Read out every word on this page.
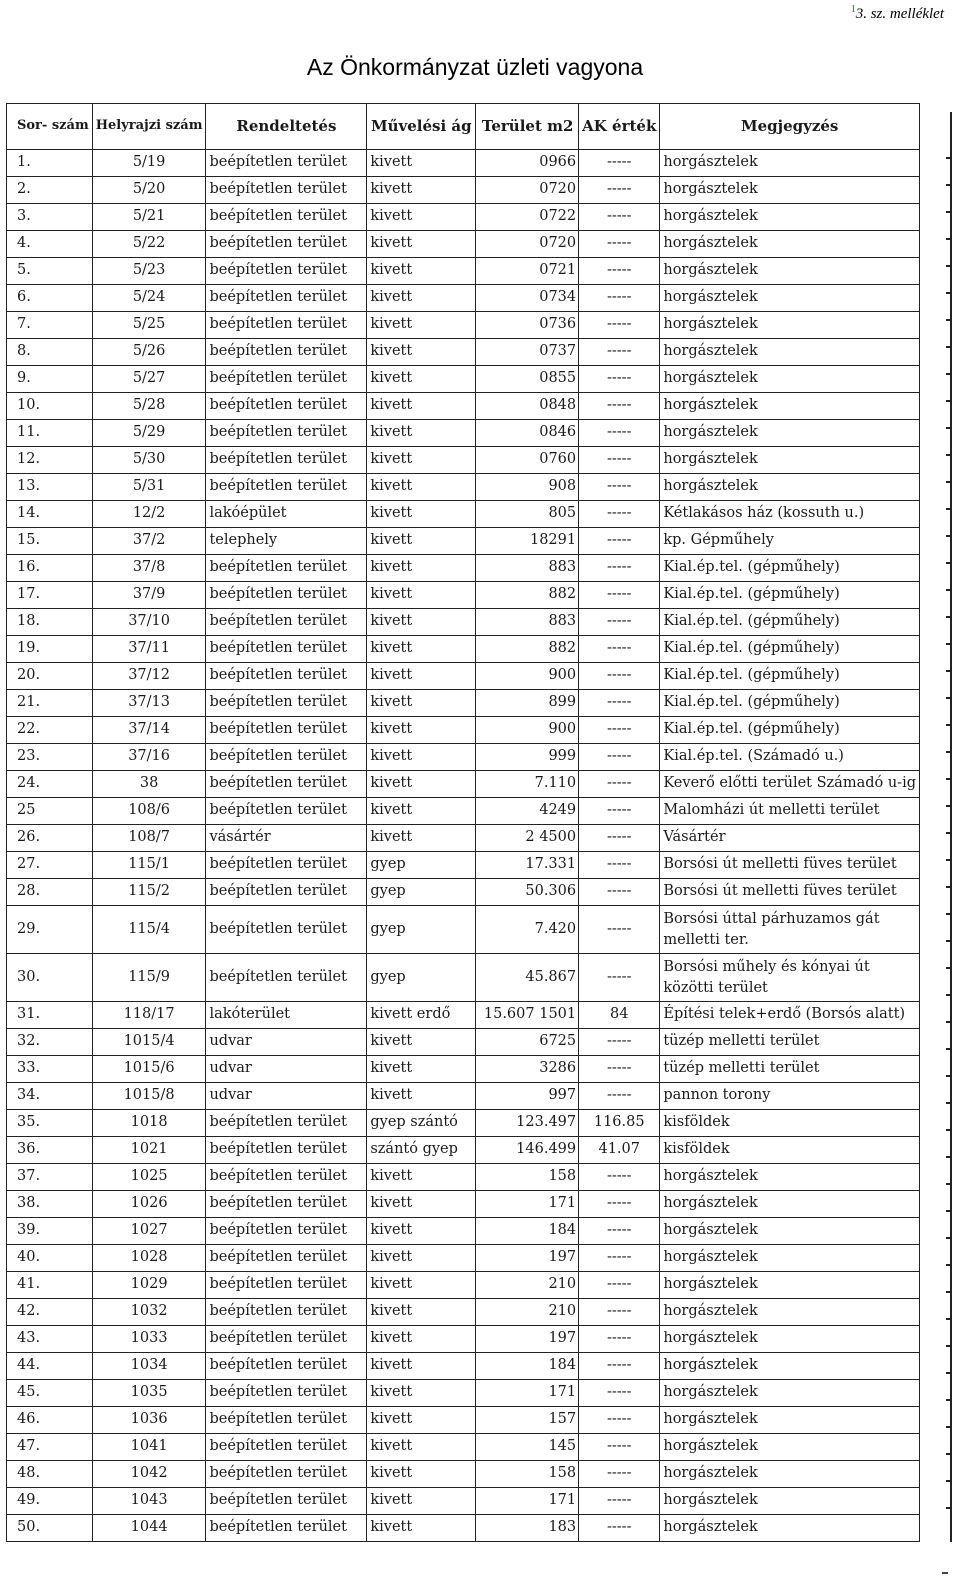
$^1$3. sz. melléklet
Az Önkormányzat üzleti vagyona
Sor- szám	Helyrajzi szám	Rendeltetés	Művelési ág	Terület m2	AK érték	Megjegyzés
1.	5/19	beépítetlen terület	kivett	0966	-----	horgásztelek
2.	5/20	beépítetlen terület	kivett	0720	-----	horgásztelek
3.	5/21	beépítetlen terület	kivett	0722	-----	horgásztelek
4.	5/22	beépítetlen terület	kivett	0720	-----	horgásztelek
5.	5/23	beépítetlen terület	kivett	0721	-----	horgásztelek
6.	5/24	beépítetlen terület	kivett	0734	-----	horgásztelek
7.	5/25	beépítetlen terület	kivett	0736	-----	horgásztelek
8.	5/26	beépítetlen terület	kivett	0737	-----	horgásztelek
9.	5/27	beépítetlen terület	kivett	0855	-----	horgásztelek
10.	5/28	beépítetlen terület	kivett	0848	-----	horgásztelek
11.	5/29	beépítetlen terület	kivett	0846	-----	horgásztelek
12.	5/30	beépítetlen terület	kivett	0760	-----	horgásztelek
13.	5/31	beépítetlen terület	kivett	908	-----	horgásztelek
14.	12/2	lakóépület	kivett	805	-----	Kétlakásos ház (kossuth u.)
15.	37/2	telephely	kivett	18291	-----	kp. Gépműhely
16.	37/8	beépítetlen terület	kivett	883	-----	Kial.ép.tel. (gépműhely)
17.	37/9	beépítetlen terület	kivett	882	-----	Kial.ép.tel. (gépműhely)
18.	37/10	beépítetlen terület	kivett	883	-----	Kial.ép.tel. (gépműhely)
19.	37/11	beépítetlen terület	kivett	882	-----	Kial.ép.tel. (gépműhely)
20.	37/12	beépítetlen terület	kivett	900	-----	Kial.ép.tel. (gépműhely)
21.	37/13	beépítetlen terület	kivett	899	-----	Kial.ép.tel. (gépműhely)
22.	37/14	beépítetlen terület	kivett	900	-----	Kial.ép.tel. (gépműhely)
23.	37/16	beépítetlen terület	kivett	999	-----	Kial.ép.tel. (Számadó u.)
24.	38	beépítetlen terület	kivett	7.110	-----	Keverő előtti terület Számadó u-ig
25	108/6	beépítetlen terület	kivett	4249	-----	Malomházi út melletti terület
26.	108/7	vásártér	kivett	2 4500	-----	Vásártér
27.	115/1	beépítetlen terület	gyep	17.331	-----	Borsósi út melletti füves terület
28.	115/2	beépítetlen terület	gyep	50.306	-----	Borsósi út melletti füves terület
29.	115/4	beépítetlen terület	gyep	7.420	-----	Borsósi úttal párhuzamos gát melletti ter.
30.	115/9	beépítetlen terület	gyep	45.867	-----	Borsósi műhely és kónyai út közötti terület
31.	118/17	lakóterület	kivett erdő	15.607 1501	84	Építési telek+erdő (Borsós alatt)
32.	1015/4	udvar	kivett	6725	-----	tüzép melletti terület
33.	1015/6	udvar	kivett	3286	-----	tüzép melletti terület
34.	1015/8	udvar	kivett	997	-----	pannon torony
35.	1018	beépítetlen terület	gyep szántó	123.497	116.85	kisföldek
36.	1021	beépítetlen terület	szántó gyep	146.499	41.07	kisföldek
37.	1025	beépítetlen terület	kivett	158	-----	horgásztelek
38.	1026	beépítetlen terület	kivett	171	-----	horgásztelek
39.	1027	beépítetlen terület	kivett	184	-----	horgásztelek
40.	1028	beépítetlen terület	kivett	197	-----	horgásztelek
41.	1029	beépítetlen terület	kivett	210	-----	horgásztelek
42.	1032	beépítetlen terület	kivett	210	-----	horgásztelek
43.	1033	beépítetlen terület	kivett	197	-----	horgásztelek
44.	1034	beépítetlen terület	kivett	184	-----	horgásztelek
45.	1035	beépítetlen terület	kivett	171	-----	horgásztelek
46.	1036	beépítetlen terület	kivett	157	-----	horgásztelek
47.	1041	beépítetlen terület	kivett	145	-----	horgásztelek
48.	1042	beépítetlen terület	kivett	158	-----	horgásztelek
49.	1043	beépítetlen terület	kivett	171	-----	horgásztelek
50.	1044	beépítetlen terület	kivett	183	-----	horgásztelek
